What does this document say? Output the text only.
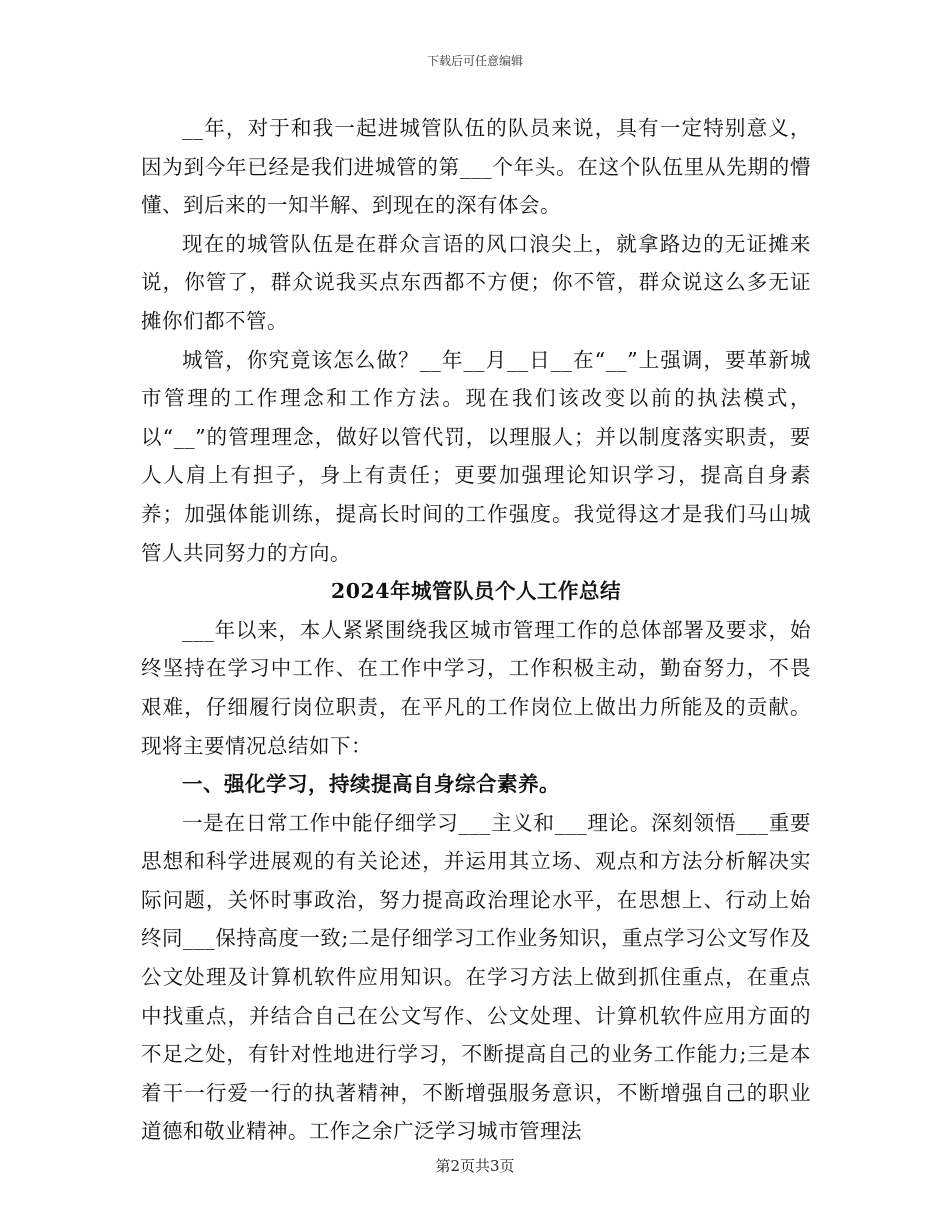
下载后可任意编辑

__年，对于和我一起进城管队伍的队员来说，具有一定特别意义，因为到今年已经是我们进城管的第___个年头。在这个队伍里从先期的懵懂、到后来的一知半解、到现在的深有体会。

现在的城管队伍是在群众言语的风口浪尖上，就拿路边的无证摊来说，你管了，群众说我买点东西都不方便；你不管，群众说这么多无证摊你们都不管。

城管，你究竟该怎么做？__年__月__日__在“__”上强调，要革新城市管理的工作理念和工作方法。现在我们该改变以前的执法模式，以“__”的管理理念，做好以管代罚，以理服人；并以制度落实职责，要人人肩上有担子，身上有责任；更要加强理论知识学习，提高自身素养；加强体能训练，提高长时间的工作强度。我觉得这才是我们马山城管人共同努力的方向。

2024年城管队员个人工作总结

___年以来，本人紧紧围绕我区城市管理工作的总体部署及要求，始终坚持在学习中工作、在工作中学习，工作积极主动，勤奋努力，不畏艰难，仔细履行岗位职责，在平凡的工作岗位上做出力所能及的贡献。现将主要情况总结如下：

一、强化学习，持续提高自身综合素养。

一是在日常工作中能仔细学习___主义和___理论。深刻领悟___重要思想和科学进展观的有关论述，并运用其立场、观点和方法分析解决实际问题，关怀时事政治，努力提高政治理论水平，在思想上、行动上始终同___保持高度一致;二是仔细学习工作业务知识，重点学习公文写作及公文处理及计算机软件应用知识。在学习方法上做到抓住重点，在重点中找重点，并结合自己在公文写作、公文处理、计算机软件应用方面的不足之处，有针对性地进行学习，不断提高自己的业务工作能力;三是本着干一行爱一行的执著精神，不断增强服务意识，不断增强自己的职业道德和敬业精神。工作之余广泛学习城市管理法

第2页共3页
